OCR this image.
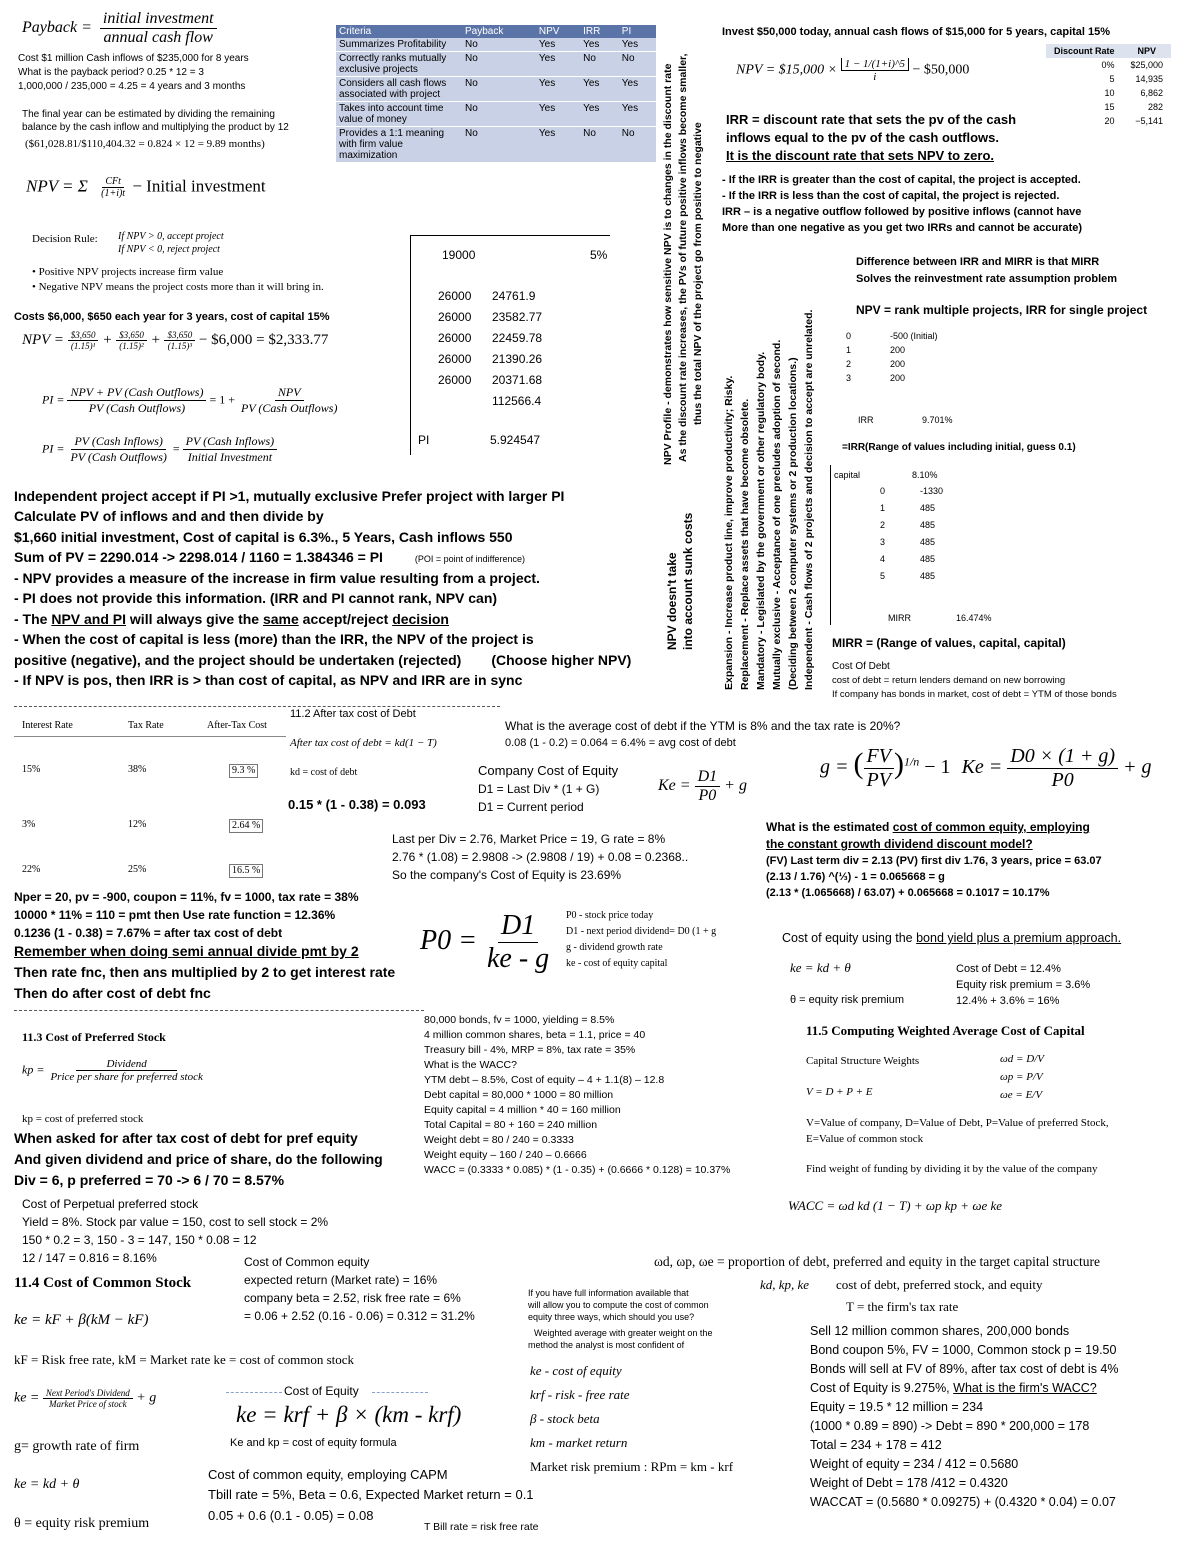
Payback = $\frac{\text{initial investment}}{\text{annual cash flow}}$
Cost $1 million Cash inflows of $235,000 for 8 years
What is the payback period? 0.25 * 12 = 3
1,000,000 / 235,000 = 4.25 = 4 years and 3 months
The final year can be estimated by dividing the remaining
balance by the cash inflow and multiplying the product by 12
($61,028.81/$110,404.32 = 0.824 × 12 = 9.89 months)
NPV = Σ $\frac{\text{CFt}}{(1+i)t}$ − Initial investment
Decision Rule: If NPV > 0, accept project
If NPV < 0, reject project
• Positive NPV projects increase firm value
• Negative NPV means the project costs more than it will bring in.
Criteria	Payback	NPV	IRR	PI
Summarizes Profitability	No	Yes	Yes	Yes
Correctly ranks mutually exclusive projects	No	Yes	No	No
Considers all cash flows associated with project	No	Yes	Yes	Yes
Takes into account time value of money	No	Yes	Yes	Yes
Provides a 1:1 meaning with firm value maximization	No	Yes	No	No
19000	5%
26000 24761.9
26000 23582.77
26000 22459.78
26000 21390.26
26000 20371.68
112566.4
PI	5.924547
Costs $6,000, $650 each year for 3 years, cost of capital 15%
NPV = $\frac{\$3,650}{\text{(1.15)¹}} + \frac{\$3,650}{\text{(1.15)²}} + \frac{\$3,650}{\text{(1.15)³}}$ − $6,000 = $2,333.77
PI = $\frac{\text{NPV + PV (Cash Outflows)}}{\text{PV (Cash Outflows)}} = 1 + \frac{\text{NPV}}{\text{PV (Cash Outflows)}}$
PI = $\frac{\text{PV (Cash Inflows)}}{\text{PV (Cash Outflows)}} = \frac{\text{PV (Cash Inflows)}}{\text{Initial Investment}}$
Independent project accept if PI >1, mutually exclusive Prefer project with larger PI
Calculate PV of inflows and and then divide by
$1,660 initial investment, Cost of capital is 6.3%., 5 Years, Cash inflows 550
Sum of PV = 2290.014 -> 2298.014 / 1160 = 1.384346 = PI	(POI = point of indifference)
- NPV provides a measure of the increase in firm value resulting from a project.
- PI does not provide this information. (IRR and PI cannot rank, NPV can)
- The NPV and PI will always give the same accept/reject decision
- When the cost of capital is less (more) than the IRR, the NPV of the project is
positive (negative), and the project should be undertaken (rejected) (Choose higher NPV)
- If NPV is pos, then IRR is > than cost of capital, as NPV and IRR are in sync
NPV Profile - demonstrates how sensitive NPV is to changes in the discount rate As the discount rate increases, the PVs of future positive inflows become smaller, thus the total NPV of the project go from positive to negative
NPV doesn't take into account sunk costs	Expansion - Increase product line, improve productivity; Risky. Replacement - Replace assets that have become obsolete. Mandatory - Legislated by the government or other regulatory body. Mutually exclusive - Acceptance of one precludes adoption of second. (Deciding between 2 computer systems or 2 production locations.) Independent - Cash flows of 2 projects and decision to accept are unrelated.
Invest $50,000 today, annual cash flows of $15,000 for 5 years, capital 15%
NPV = $15,000 × $\frac{1 - 1/(1+i)\^{}5}{i}$ − $50,000
Discount Rate	NPV
0%	$25,000
5	14,935
10	6,862
15	282
20	−5,141
IRR = discount rate that sets the pv of the cash
inflows equal to the pv of the cash outflows.
It is the discount rate that sets NPV to zero.
- If the IRR is greater than the cost of capital, the project is accepted.
- If the IRR is less than the cost of capital, the project is rejected.
IRR – is a negative outflow followed by positive inflows (cannot have
More than one negative as you get two IRRs and cannot be accurate)
Difference between IRR and MIRR is that MIRR
Solves the reinvestment rate assumption problem
NPV = rank multiple projects, IRR for single project
0	-500 (Initial)
1	200
2	200
3	200
IRR	9.701%
=IRR(Range of values including initial, guess 0.1)
capital	8.10%
0	-1330
1	485
2	485
3	485
4	485
5	485
MIRR	16.474%
MIRR = (Range of values, capital, capital)
Cost Of Debt
cost of debt = return lenders demand on new borrowing
If company has bonds in market, cost of debt = YTM of those bonds
Interest Rate	Tax Rate	After-Tax Cost
15%	38%	9.3 %
3%	12%	2.64 %
22%	25%	16.5 %
11.2 After tax cost of Debt
After tax cost of debt = kd(1 − T)
kd = cost of debt
0.15 * (1 - 0.38) = 0.093
What is the average cost of debt if the YTM is 8% and the tax rate is 20%?
0.08 (1 - 0.2) = 0.064 = 6.4% = avg cost of debt
Company Cost of Equity
D1 = Last Div * (1 + G)
D1 = Current period
$Ke = \frac{D1}{P0} + g$
Last per Div = 2.76, Market Price = 19, G rate = 8%
2.76 * (1.08) = 2.9808 -> (2.9808 / 19) + 0.08 = 0.2368..
So the company's Cost of Equity is 23.69%
g = ( $\frac{FV}{PV} )^{1/n} - 1$ $Ke = \frac{D0 \times (1 + g)}{P0} + g$
What is the estimated cost of common equity, employing
the constant growth dividend discount model?
(FV) Last term div = 2.13 (PV) first div 1.76, 3 years, price = 63.07
(2.13 / 1.76) ^(⅓) - 1 = 0.065668 = g
(2.13 * (1.065668) / 63.07) + 0.065668 = 0.1017 = 10.17%
Nper = 20, pv = -900, coupon = 11%, fv = 1000, tax rate = 38%
10000 * 11% = 110 = pmt then Use rate function = 12.36%
0.1236 (1 - 0.38) = 7.67% = after tax cost of debt
Remember when doing semi annual divide pmt by 2
Then rate fnc, then ans multiplied by 2 to get interest rate
Then do after cost of debt fnc
$P0 = \frac{D1}{ke - g} P0$ - stock price today
D1 - next period dividend= D0 (1 + g
g - dividend growth rate
ke - cost of equity capital
Cost of equity using the bond yield plus a premium approach.
ke = kd + θ
θ = equity risk premium
Cost of Debt = 12.4%
Equity risk premium = 3.6%
12.4% + 3.6% = 16%
80,000 bonds, fv = 1000, yielding = 8.5%
4 million common shares, beta = 1.1, price = 40
Treasury bill - 4%, MRP = 8%, tax rate = 35%
What is the WACC?
YTM debt – 8.5%, Cost of equity – 4 + 1.1(8) – 12.8
Debt capital = 80,000 * 1000 = 80 million
Equity capital = 4 million * 40 = 160 million
Total Capital = 80 + 160 = 240 million
Weight debt = 80 / 240 = 0.3333
Weight equity – 160 / 240 – 0.6666
WACC = (0.3333 * 0.085) * (1 - 0.35) + (0.6666 * 0.128) = 10.37%
11.5 Computing Weighted Average Cost of Capital
Capital Structure Weights	ωd = D/V
ωp = P/V
ωe = E/V
V = D + P + E
V=Value of company, D=Value of Debt, P=Value of preferred Stock,
E=Value of common stock
Find weight of funding by dividing it by the value of the company
WACC = ωd kd (1 − T) + ωp kp + ωe ke
11.3 Cost of Preferred Stock
kp = $\frac{\text{Dividend}}{\text{Price per share for preferred stock}}$
kp = cost of preferred stock
When asked for after tax cost of debt for pref equity
And given dividend and price of share, do the following
Div = 6, p preferred = 70 -> 6 / 70 = 8.57%
Cost of Perpetual preferred stock
Yield = 8%. Stock par value = 150, cost to sell stock = 2%
150 * 0.2 = 3, 150 - 3 = 147, 150 * 0.08 = 12
12 / 147 = 0.816 = 8.16%
11.4 Cost of Common Stock
ke = kF + β(kM − kF)
kF = Risk free rate, kM = Market rate ke = cost of common stock
ke = $\frac{\text{Next Period's Dividend}}{\text{Market Price of stock}} + g$
g= growth rate of firm
ke = kd + θ
θ = equity risk premium
Cost of Common equity
expected return (Market rate) = 16%
company beta = 2.52, risk free rate = 6%
= 0.06 + 2.52 (0.16 - 0.06) = 0.312 = 31.2%
Cost of Equity
ke = krf + β × (km - krf)
Ke and kp = cost of equity formula
Cost of common equity, employing CAPM
Tbill rate = 5%, Beta = 0.6, Expected Market return = 0.1
0.05 + 0.6 (0.1 - 0.05) = 0.08
T Bill rate = risk free rate
If you have full information available that
will allow you to compute the cost of common
equity three ways, which should you use?
Weighted average with greater weight on the
method the analyst is most confident of
ke - cost of equity
krf - risk - free rate
β - stock beta
km - market return
Market risk premium : RPm = km - krf
ωd, ωp, ωe = proportion of debt, preferred and equity in the target capital structure
kd, kp, ke cost of debt, preferred stock, and equity
T = the firm's tax rate
Sell 12 million common shares, 200,000 bonds
Bond coupon 5%, FV = 1000, Common stock p = 19.50
Bonds will sell at FV of 89%, after tax cost of debt is 4%
Cost of Equity is 9.275%, What is the firm's WACC?
Equity = 19.5 * 12 million = 234
(1000 * 0.89 = 890) -> Debt = 890 * 200,000 = 178
Total = 234 + 178 = 412
Weight of equity = 234 / 412 = 0.5680
Weight of Debt = 178 /412 = 0.4320
WACCAT = (0.5680 * 0.09275) + (0.4320 * 0.04) = 0.07
